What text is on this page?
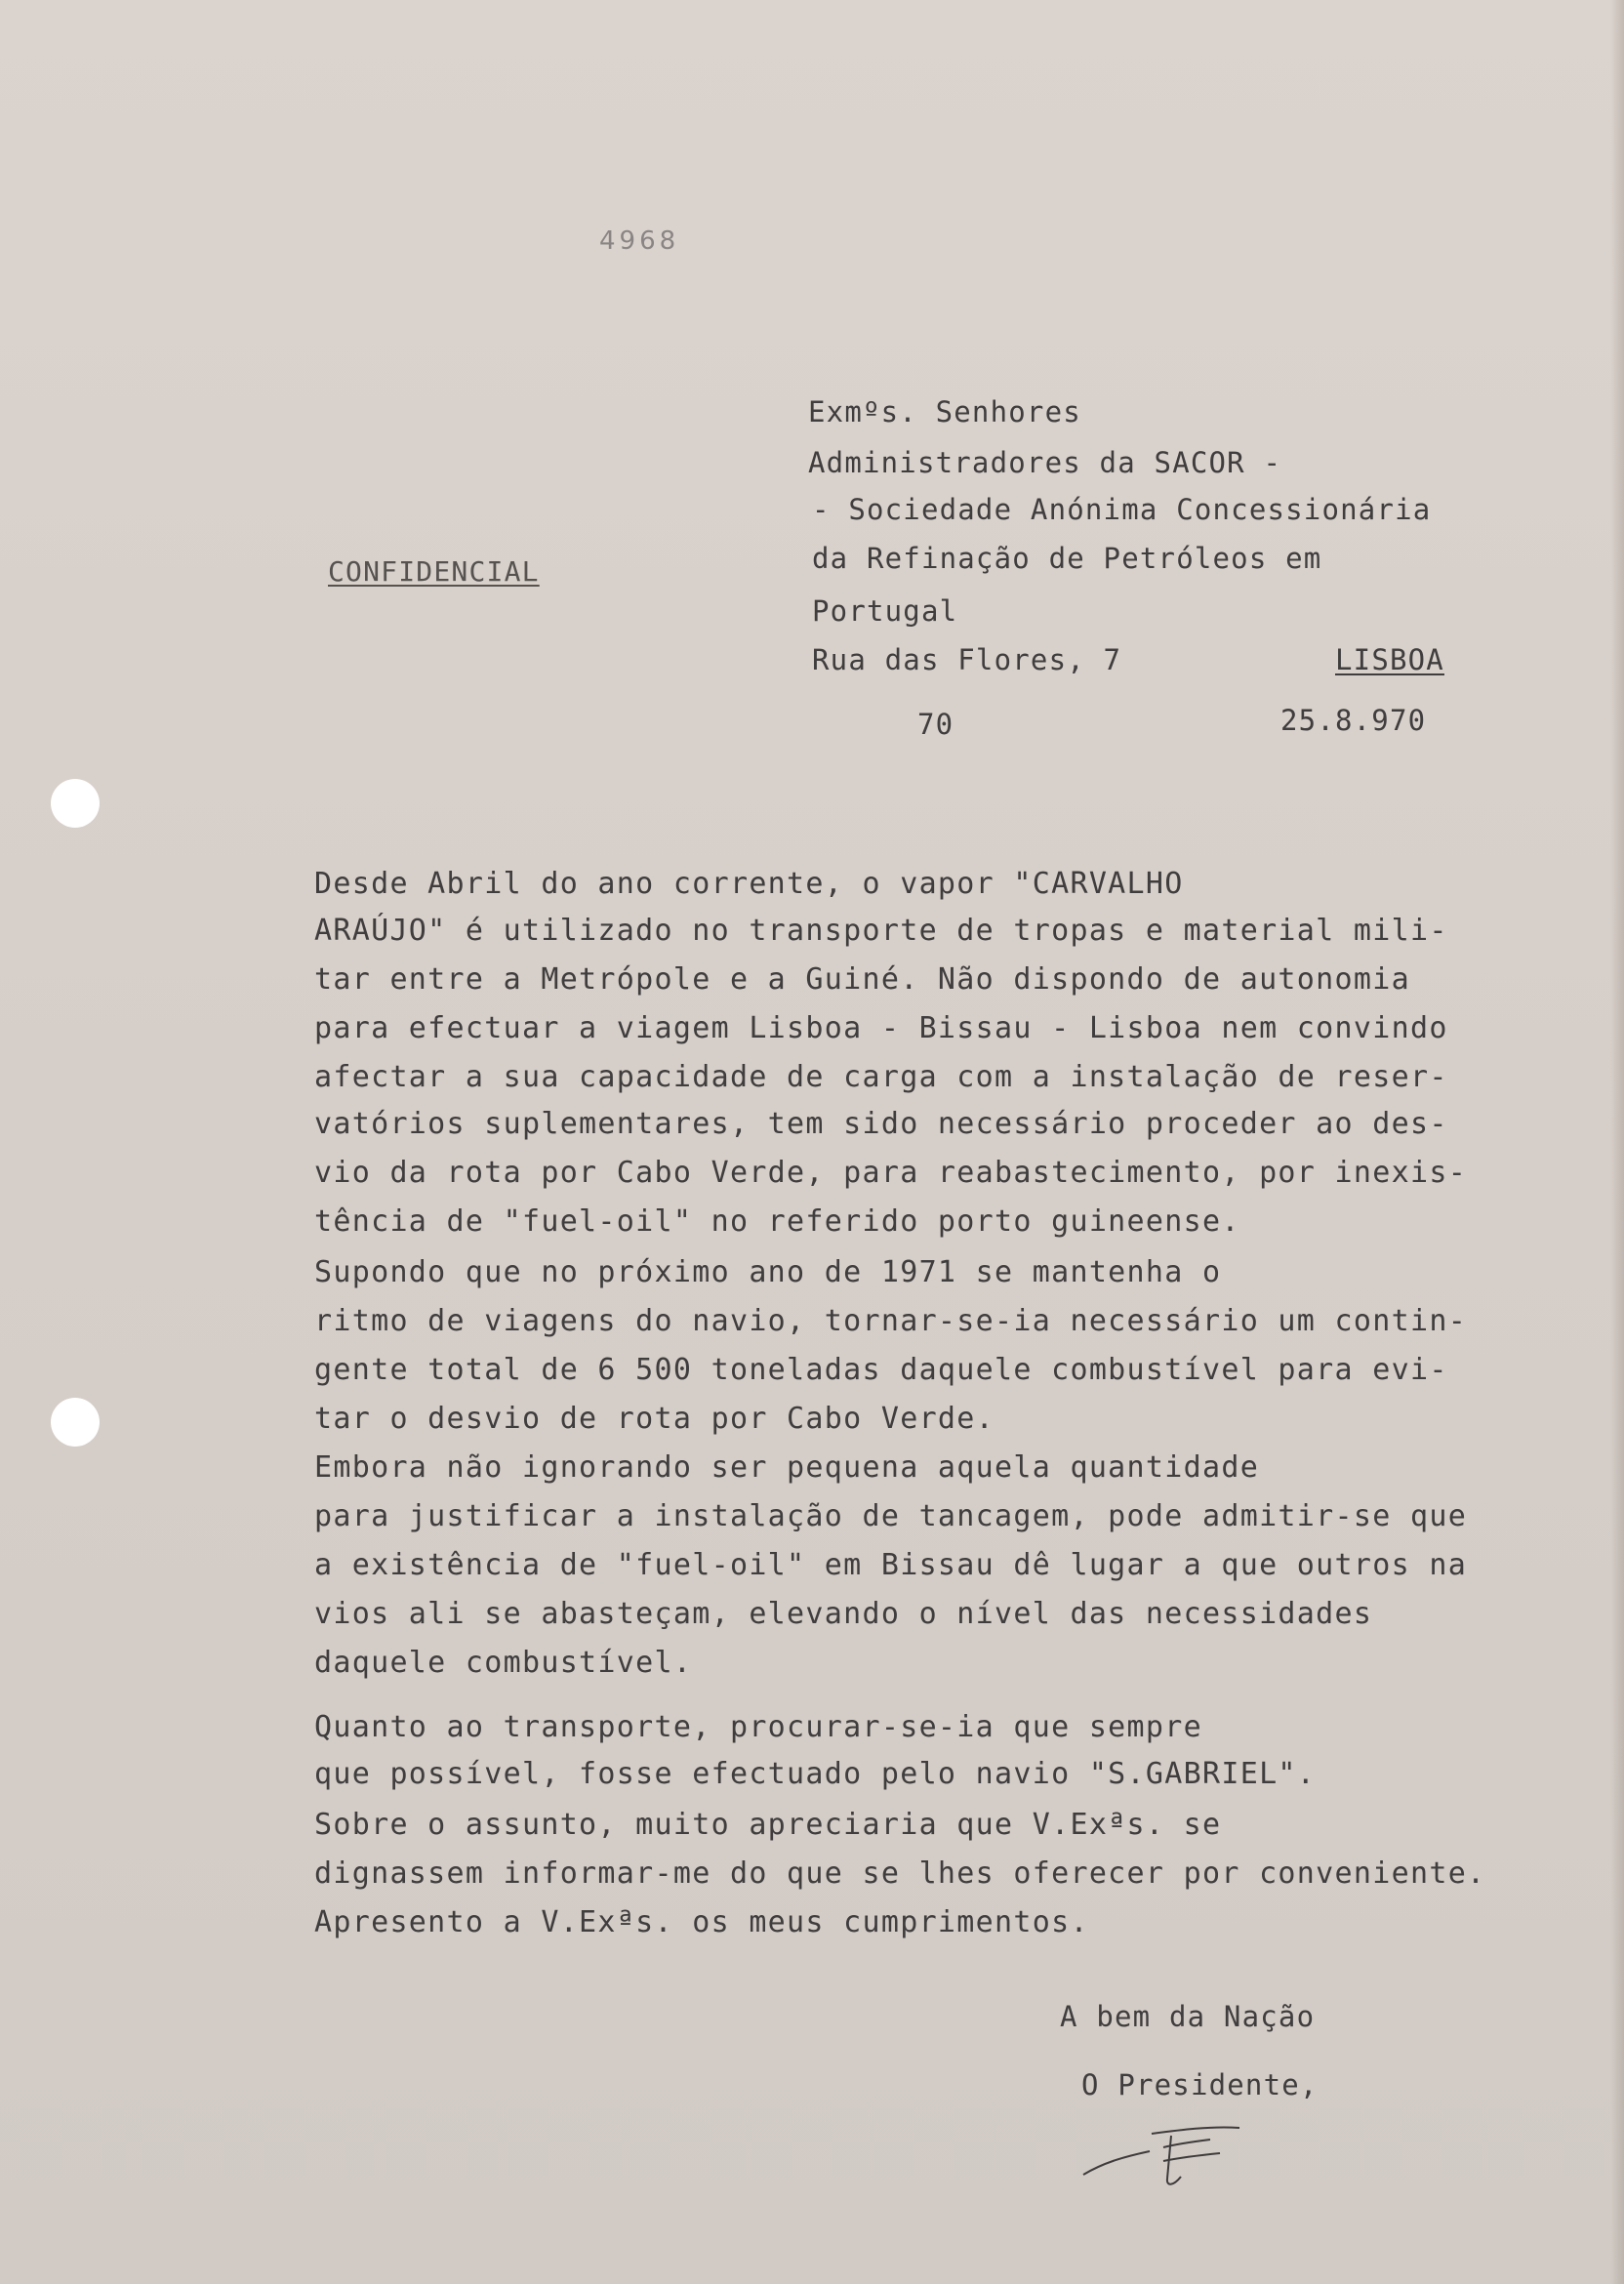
4968
CONFIDENCIAL
Exmºs. Senhores
Administradores da SACOR -
- Sociedade Anónima Concessionária
da Refinação de Petróleos em
Portugal
Rua das Flores, 7	LISBOA
70	25.8.970
Desde Abril do ano corrente, o vapor "CARVALHO
ARAÚJO" é utilizado no transporte de tropas e material mili-
tar entre a Metrópole e a Guiné. Não dispondo de autonomia
para efectuar a viagem Lisboa - Bissau - Lisboa nem convindo
afectar a sua capacidade de carga com a instalação de reser-
vatórios suplementares, tem sido necessário proceder ao des-
vio da rota por Cabo Verde, para reabastecimento, por inexis-
tência de "fuel-oil" no referido porto guineense.
Supondo que no próximo ano de 1971 se mantenha o
ritmo de viagens do navio, tornar-se-ia necessário um contin-
gente total de 6 500 toneladas daquele combustível para evi-
tar o desvio de rota por Cabo Verde.
Embora não ignorando ser pequena aquela quantidade
para justificar a instalação de tancagem, pode admitir-se que
a existência de "fuel-oil" em Bissau dê lugar a que outros na
vios ali se abasteçam, elevando o nível das necessidades
daquele combustível.
Quanto ao transporte, procurar-se-ia que sempre
que possível, fosse efectuado pelo navio "S.GABRIEL".
Sobre o assunto, muito apreciaria que V.Exªs. se
dignassem informar-me do que se lhes oferecer por conveniente.
Apresento a V.Exªs. os meus cumprimentos.
A bem da Nação
O Presidente,
